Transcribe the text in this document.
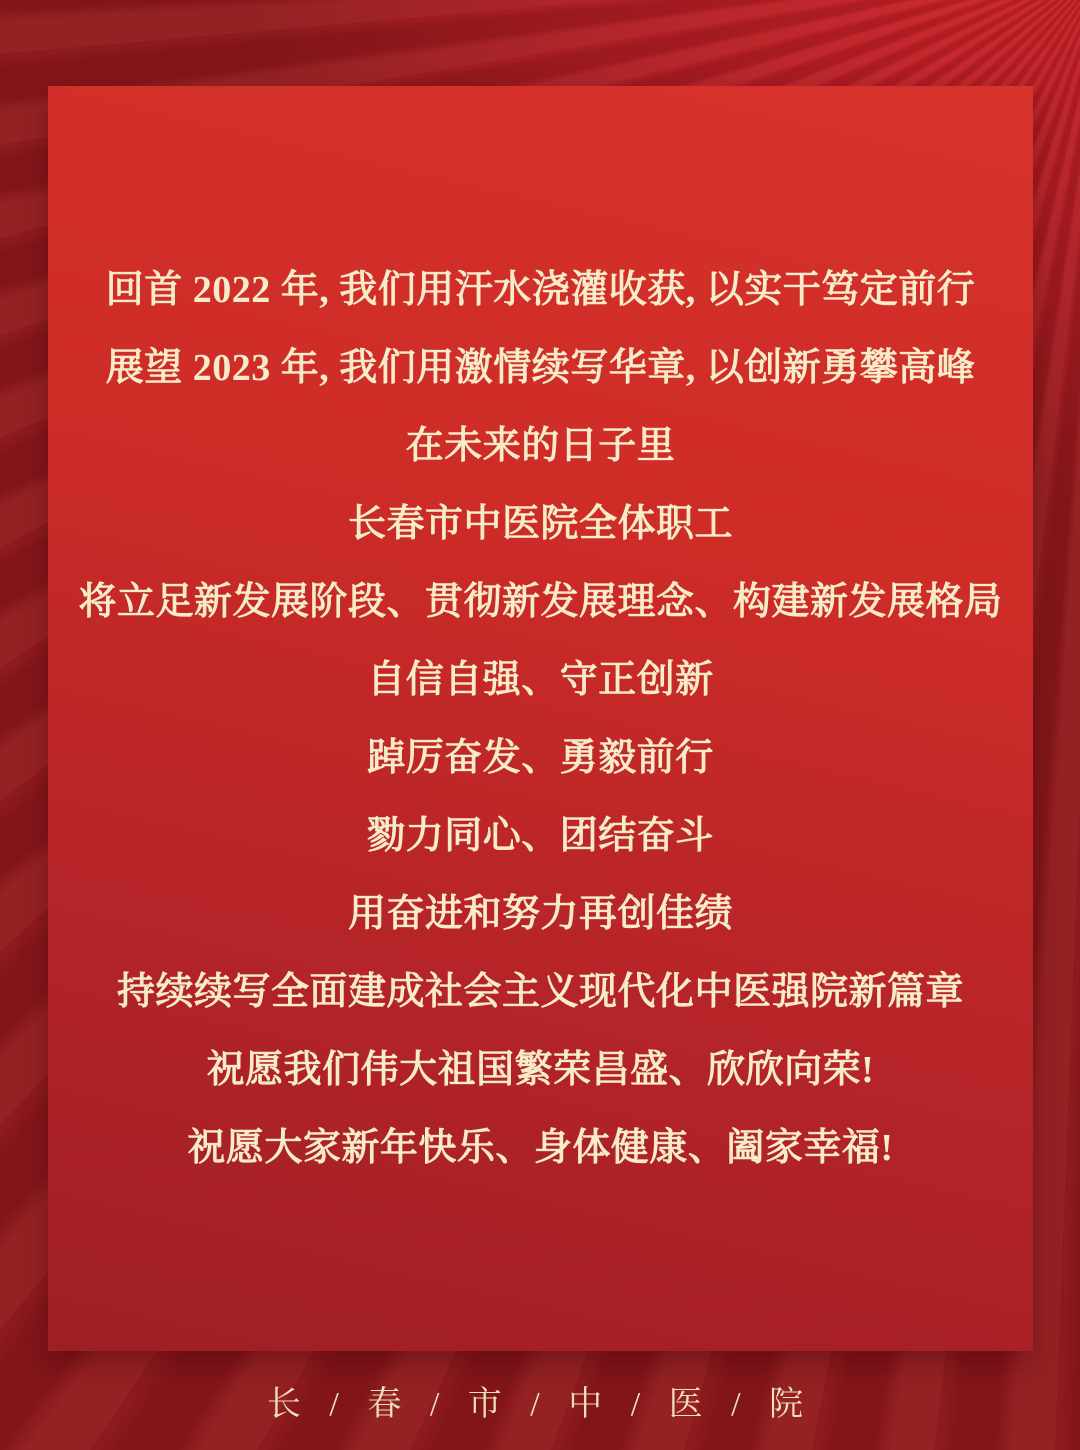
回首 2022 年, 我们用汗水浇灌收获, 以实干笃定前行
展望 2023 年, 我们用激情续写华章, 以创新勇攀高峰
在未来的日子里
长春市中医院全体职工
将立足新发展阶段、贯彻新发展理念、构建新发展格局
自信自强、守正创新
踔厉奋发、勇毅前行
勠力同心、团结奋斗
用奋进和努力再创佳绩
持续续写全面建成社会主义现代化中医强院新篇章
祝愿我们伟大祖国繁荣昌盛、欣欣向荣!
祝愿大家新年快乐、身体健康、阖家幸福!
长 / 春 / 市 / 中 / 医 / 院
